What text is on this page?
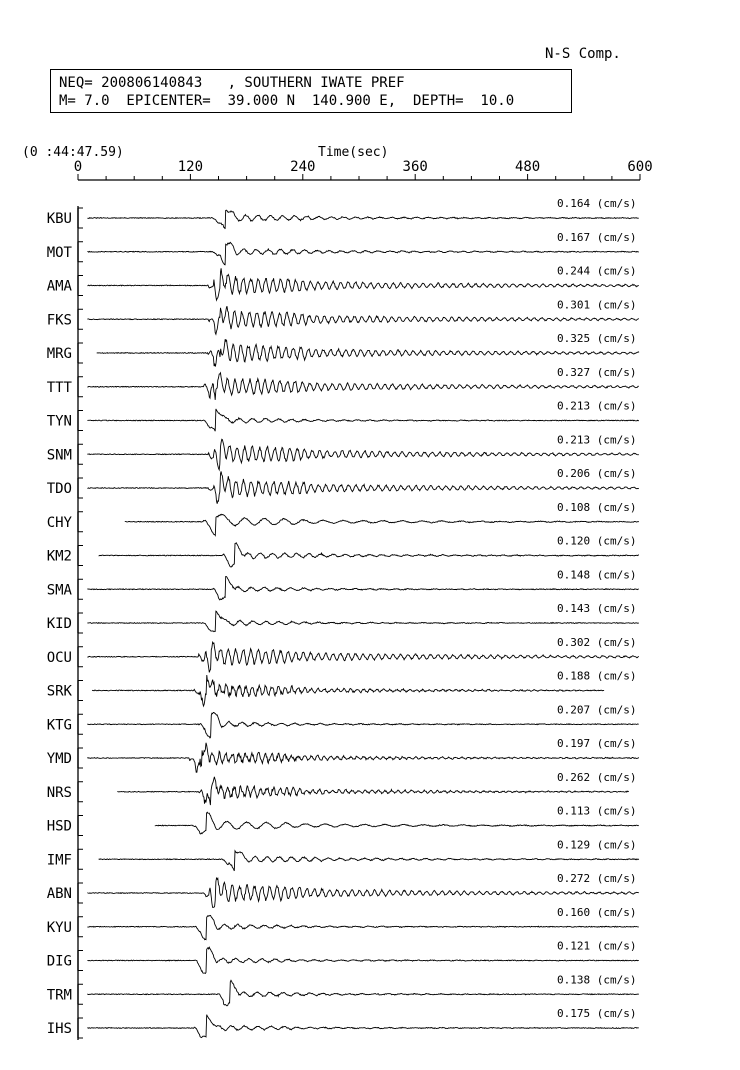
N-S Comp.

NEQ= 200806140843   , SOUTHERN IWATE PREF

M= 7.0  EPICENTER=  39.000 N  140.900 E,  DEPTH=  10.0

(0 :44:47.59)	Time(sec)
0	120	240	360	480	600
KBU
0.164 (cm/s)
MOT
0.167 (cm/s)
AMA
0.244 (cm/s)
FKS
0.301 (cm/s)
MRG
0.325 (cm/s)
TTT
0.327 (cm/s)
TYN
0.213 (cm/s)
SNM
0.213 (cm/s)
TDO
0.206 (cm/s)
CHY
0.108 (cm/s)
KM2
0.120 (cm/s)
SMA
0.148 (cm/s)
KID
0.143 (cm/s)
OCU
0.302 (cm/s)
SRK
0.188 (cm/s)
KTG
0.207 (cm/s)
YMD
0.197 (cm/s)
NRS
0.262 (cm/s)
HSD
0.113 (cm/s)
IMF
0.129 (cm/s)
ABN
0.272 (cm/s)
KYU
0.160 (cm/s)
DIG
0.121 (cm/s)
TRM
0.138 (cm/s)
IHS
0.175 (cm/s)
